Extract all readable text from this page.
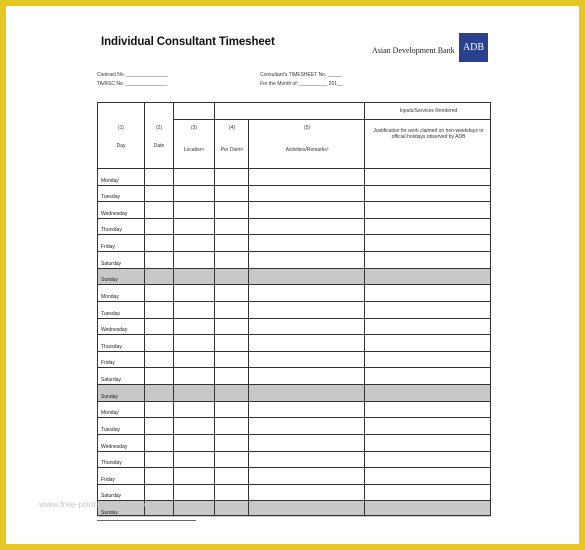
Individual Consultant Timesheet
Asian Development Bank ADB
Contract No. _______________
TA/RSC No. _______________
Consultant's TIMESHEET No. _____
For the Month of: __________ 201__
(1)
Day
(2)
Date
(3)
Location¹
(4)
Per Diem²
(5)
Activities/Remarks³
Inputs/Services Rendered
Justification for work claimed on non-weekdays or official holidays observed by ADB
Monday
Tuesday
Wednesday
Thursday
Friday
Saturday
Sunday
Monday
Tuesday
Wednesday
Thursday
Friday
Saturday
Sunday
Monday
Tuesday
Wednesday
Thursday
Friday
Saturday
Sunday
www.free-printablecollege.com
